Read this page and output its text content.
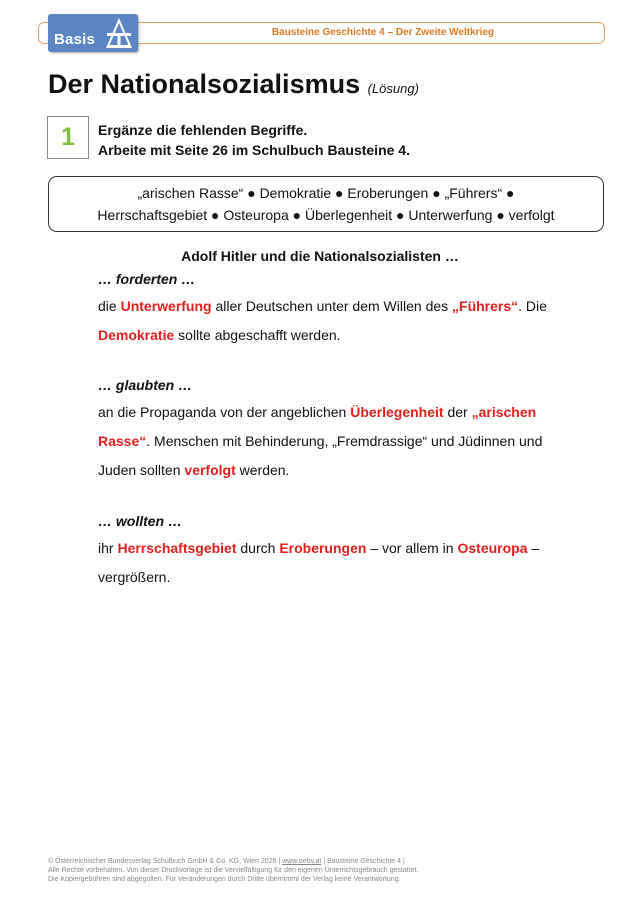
Bausteine Geschichte 4 – Der Zweite Weltkrieg
Basis
Der Nationalsozialismus (Lösung)
1	Ergänze die fehlenden Begriffe.
Arbeite mit Seite 26 im Schulbuch Bausteine 4.
„arischen Rasse“ ● Demokratie ● Eroberungen ● „Führers“ ●
Herrschaftsgebiet ● Osteuropa ● Überlegenheit ● Unterwerfung ● verfolgt
Adolf Hitler und die Nationalsozialisten …
… forderten …
die Unterwerfung aller Deutschen unter dem Willen des „Führers“. Die
Demokratie sollte abgeschafft werden.
… glaubten …
an die Propaganda von der angeblichen Überlegenheit der „arischen
Rasse“. Menschen mit Behinderung, „Fremdrassige“ und Jüdinnen und
Juden sollten verfolgt werden.
… wollten …
ihr Herrschaftsgebiet durch Eroberungen – vor allem in Osteuropa –
vergrößern.
© Österreichischer Bundesverlag Schulbuch GmbH & Co. KG, Wien 2026 | www.oebv.at | Bausteine Geschichte 4 |
Alle Rechte vorbehalten. Von dieser Druckvorlage ist die Vervielfältigung für den eigenen Unterrichtsgebrauch gestattet.
Die Kopiergebühren sind abgegolten. Für Veränderungen durch Dritte übernimmt der Verlag keine Verantwortung.
